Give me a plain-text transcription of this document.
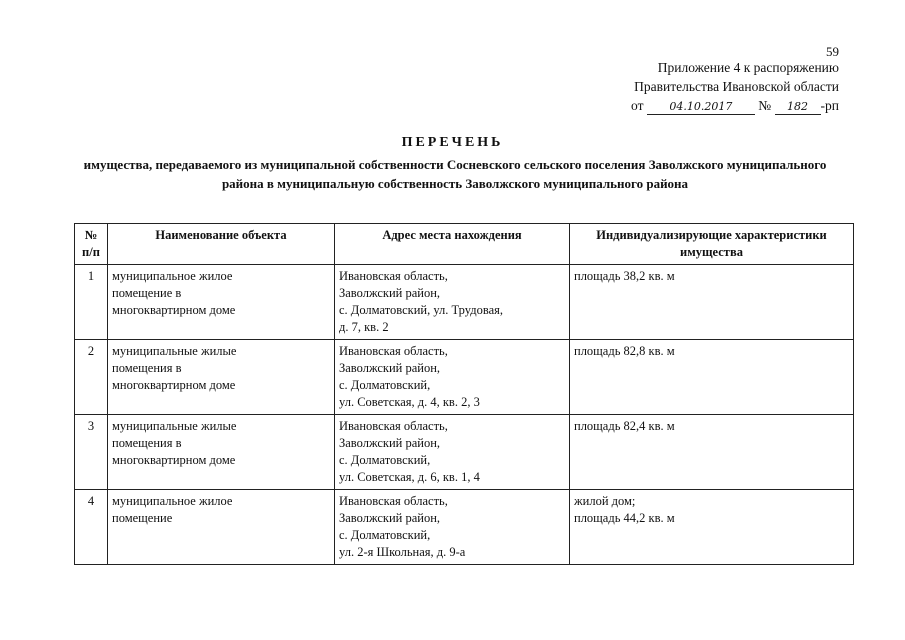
59
Приложение 4 к распоряжению
Правительства Ивановской области
от 04.10.2017 № 182 -рп
ПЕРЕЧЕНЬ
имущества, передаваемого из муниципальной собственности Сосневского сельского поселения Заволжского муниципального района в муниципальную собственность Заволжского муниципального района
№ п/п	Наименование объекта	Адрес места нахождения	Индивидуализирующие характеристики имущества
1	муниципальное жилое
помещение в
многоквартирном доме	Ивановская область,
Заволжский район,
с. Долматовский, ул. Трудовая,
д. 7, кв. 2	площадь 38,2 кв. м

2	муниципальные жилые
помещения в
многоквартирном доме	Ивановская область,
Заволжский район,
с. Долматовский,
ул. Советская, д. 4, кв. 2, 3	площадь 82,8 кв. м

3	муниципальные жилые
помещения в
многоквартирном доме	Ивановская область,
Заволжский район,
с. Долматовский,
ул. Советская, д. 6, кв. 1, 4	площадь 82,4 кв. м

4	муниципальное жилое
помещение	Ивановская область,
Заволжский район,
с. Долматовский,
ул. 2-я Школьная, д. 9-а	жилой дом;
площадь 44,2 кв. м
